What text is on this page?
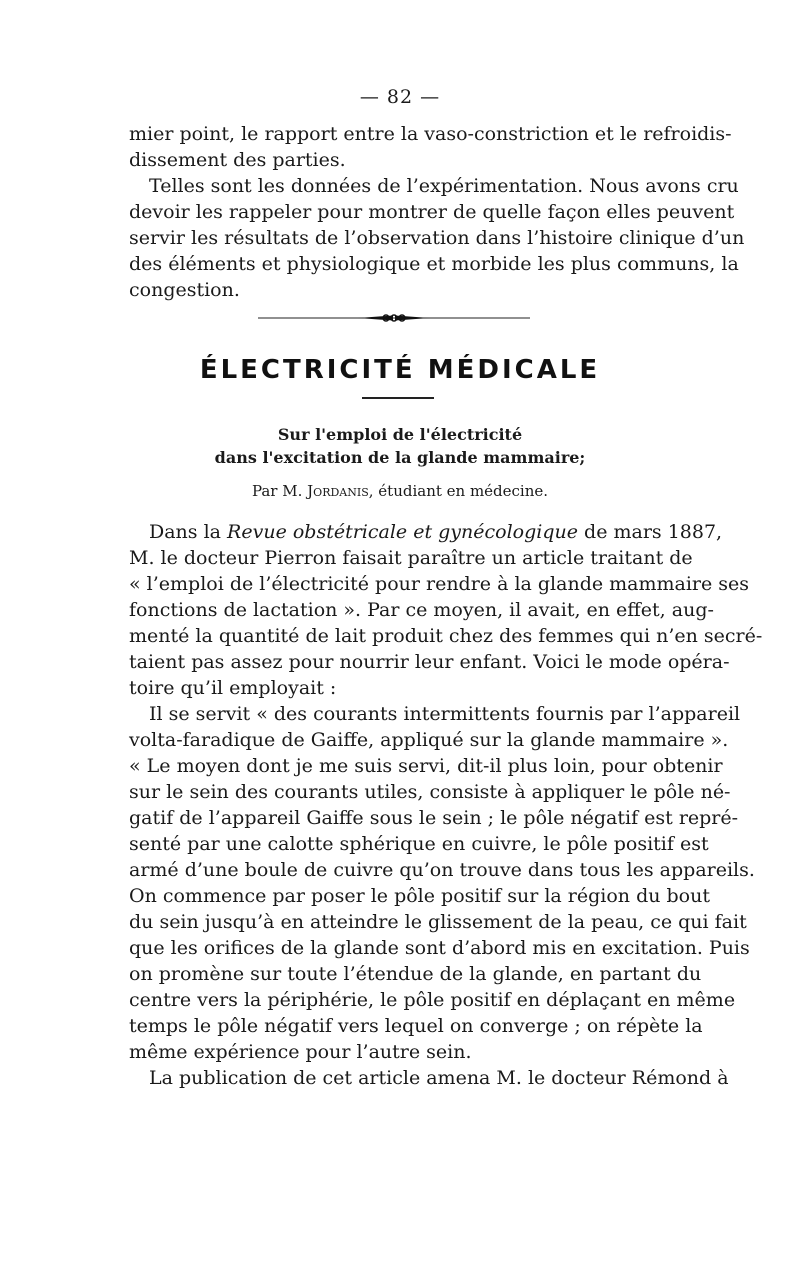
— 82 —
mier point, le rapport entre la vaso-constriction et le refroidis-
dissement des parties.
Telles sont les données de l’expérimentation. Nous avons cru
devoir les rappeler pour montrer de quelle façon elles peuvent
servir les résultats de l’observation dans l’histoire clinique d’un
des éléments et physiologique et morbide les plus communs, la
congestion.
ÉLECTRICITÉ MÉDICALE
Sur l'emploi de l'électricité
dans l'excitation de la glande mammaire;
Par M. Jordanis, étudiant en médecine.
Dans la Revue obstétricale et gynécologique de mars 1887,
M. le docteur Pierron faisait paraître un article traitant de
« l’emploi de l’électricité pour rendre à la glande mammaire ses
fonctions de lactation ». Par ce moyen, il avait, en effet, aug-
menté la quantité de lait produit chez des femmes qui n’en secré-
taient pas assez pour nourrir leur enfant. Voici le mode opéra-
toire qu’il employait :
Il se servit « des courants intermittents fournis par l’appareil
volta-faradique de Gaiffe, appliqué sur la glande mammaire ».
« Le moyen dont je me suis servi, dit-il plus loin, pour obtenir
sur le sein des courants utiles, consiste à appliquer le pôle né-
gatif de l’appareil Gaiffe sous le sein ; le pôle négatif est repré-
senté par une calotte sphérique en cuivre, le pôle positif est
armé d’une boule de cuivre qu’on trouve dans tous les appareils.
On commence par poser le pôle positif sur la région du bout
du sein jusqu’à en atteindre le glissement de la peau, ce qui fait
que les orifices de la glande sont d’abord mis en excitation. Puis
on promène sur toute l’étendue de la glande, en partant du
centre vers la périphérie, le pôle positif en déplaçant en même
temps le pôle négatif vers lequel on converge ; on répète la
même expérience pour l’autre sein.
La publication de cet article amena M. le docteur Rémond à
